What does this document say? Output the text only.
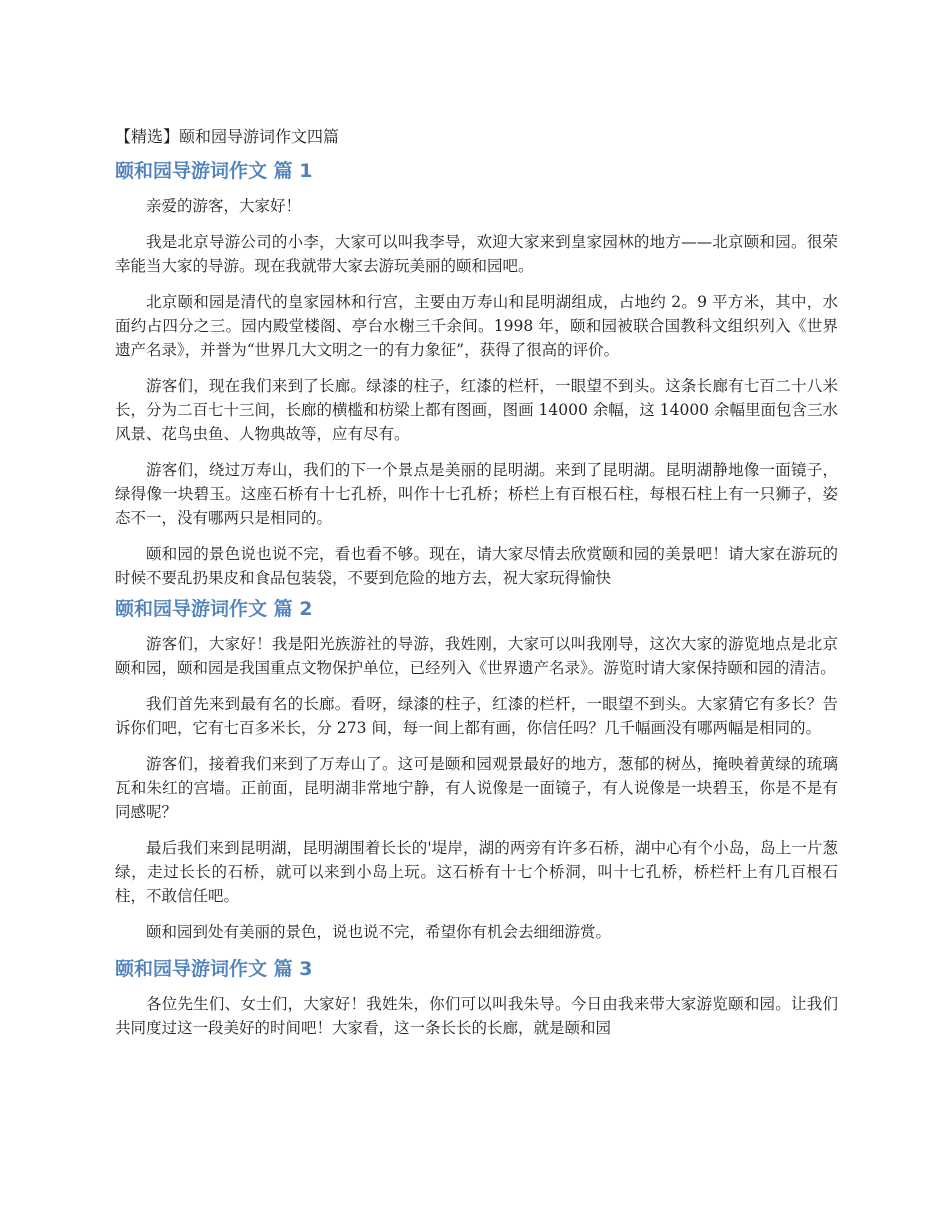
【精选】颐和园导游词作文四篇
颐和园导游词作文 篇 1

亲爱的游客，大家好！

我是北京导游公司的小李，大家可以叫我李导，欢迎大家来到皇家园林的地方——北京颐和园。很荣幸能当大家的导游。现在我就带大家去游玩美丽的颐和园吧。

北京颐和园是清代的皇家园林和行宫，主要由万寿山和昆明湖组成，占地约 2。9 平方米，其中，水面约占四分之三。园内殿堂楼阁、亭台水榭三千余间。1998 年，颐和园被联合国教科文组织列入《世界遗产名录》，并誉为“世界几大文明之一的有力象征”，获得了很高的评价。

游客们，现在我们来到了长廊。绿漆的柱子，红漆的栏杆，一眼望不到头。这条长廊有七百二十八米长，分为二百七十三间，长廊的横槛和枋梁上都有图画，图画 14000 余幅，这 14000 余幅里面包含三水风景、花鸟虫鱼、人物典故等，应有尽有。

游客们，绕过万寿山，我们的下一个景点是美丽的昆明湖。来到了昆明湖。昆明湖静地像一面镜子，绿得像一块碧玉。这座石桥有十七孔桥，叫作十七孔桥；桥栏上有百根石柱，每根石柱上有一只狮子，姿态不一，没有哪两只是相同的。

颐和园的景色说也说不完，看也看不够。现在，请大家尽情去欣赏颐和园的美景吧！请大家在游玩的时候不要乱扔果皮和食品包装袋，不要到危险的地方去，祝大家玩得愉快

颐和园导游词作文 篇 2

游客们，大家好！我是阳光族游社的导游，我姓刚，大家可以叫我刚导，这次大家的游览地点是北京颐和园，颐和园是我国重点文物保护单位，已经列入《世界遗产名录》。游览时请大家保持颐和园的清洁。

我们首先来到最有名的长廊。看呀，绿漆的柱子，红漆的栏杆，一眼望不到头。大家猜它有多长？告诉你们吧，它有七百多米长，分 273 间，每一间上都有画，你信任吗？几千幅画没有哪两幅是相同的。

游客们，接着我们来到了万寿山了。这可是颐和园观景最好的地方，葱郁的树丛，掩映着黄绿的琉璃瓦和朱红的宫墙。正前面，昆明湖非常地宁静，有人说像是一面镜子，有人说像是一块碧玉，你是不是有同感呢？

最后我们来到昆明湖，昆明湖围着长长的'堤岸，湖的两旁有许多石桥，湖中心有个小岛，岛上一片葱绿，走过长长的石桥，就可以来到小岛上玩。这石桥有十七个桥洞，叫十七孔桥，桥栏杆上有几百根石柱，不敢信任吧。

颐和园到处有美丽的景色，说也说不完，希望你有机会去细细游赏。

颐和园导游词作文 篇 3

各位先生们、女士们，大家好！我姓朱，你们可以叫我朱导。今日由我来带大家游览颐和园。让我们共同度过这一段美好的时间吧！大家看，这一条长长的长廊，就是颐和园
